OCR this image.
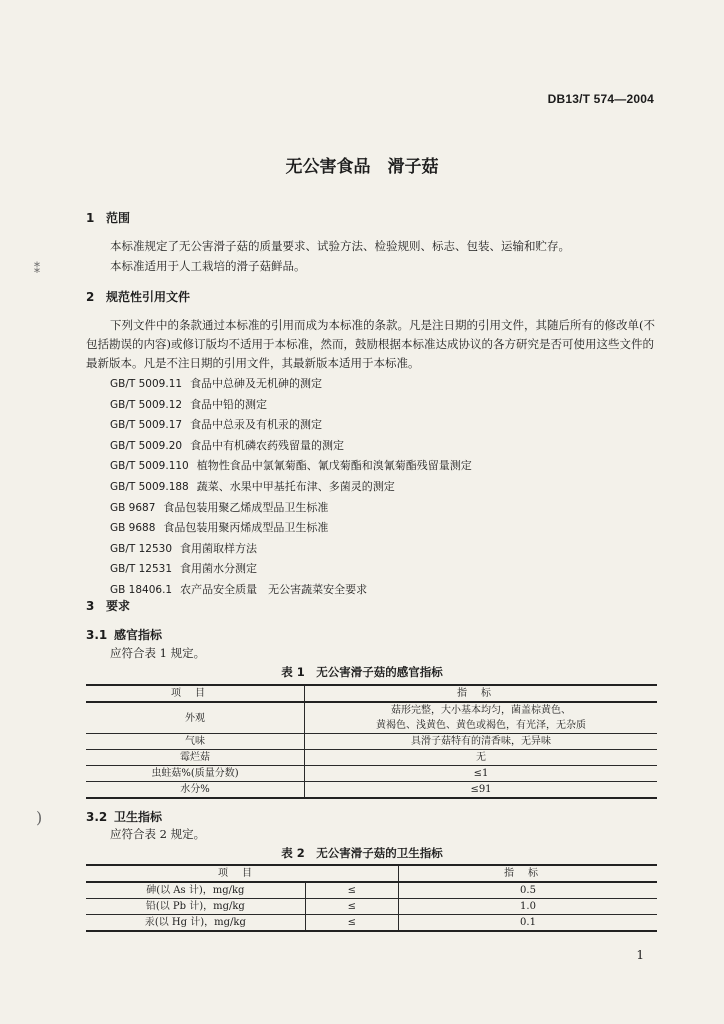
DB13/T 574—2004
无公害食品　滑子菇
1 范围
本标准规定了无公害滑子菇的质量要求、试验方法、检验规则、标志、包装、运输和贮存。
本标准适用于人工栽培的滑子菇鲜品。
2 规范性引用文件
下列文件中的条款通过本标准的引用而成为本标准的条款。凡是注日期的引用文件，其随后所有的修改单(不包括勘误的内容)或修订版均不适用于本标准，然而，鼓励根据本标准达成协议的各方研究是否可使用这些文件的最新版本。凡是不注日期的引用文件，其最新版本适用于本标准。
GB/T 5009.11 食品中总砷及无机砷的测定
GB/T 5009.12 食品中铅的测定
GB/T 5009.17 食品中总汞及有机汞的测定
GB/T 5009.20 食品中有机磷农药残留量的测定
GB/T 5009.110 植物性食品中氯氰菊酯、氰戊菊酯和溴氰菊酯残留量测定
GB/T 5009.188 蔬菜、水果中甲基托布津、多菌灵的测定
GB 9687 食品包装用聚乙烯成型品卫生标准
GB 9688 食品包装用聚丙烯成型品卫生标准
GB/T 12530 食用菌取样方法
GB/T 12531 食用菌水分测定
GB 18406.1 农产品安全质量　无公害蔬菜安全要求
3 要求
3.1 感官指标
应符合表 1 规定。
表 1　无公害滑子菇的感官指标
项目	指标
外观	菇形完整，大小基本均匀，菌盖棕黄色、
黄褐色、浅黄色、黄色或褐色，有光泽，无杂质

气味	具滑子菇特有的清香味，无异味
霉烂菇	无
虫蛀菇%(质量分数)	≤1
水分%	≤91
3.2 卫生指标
应符合表 2 规定。
表 2　无公害滑子菇的卫生指标
项目		指标
砷(以 As 计)，mg/kg	≤	0.5
铅(以 Pb 计)，mg/kg	≤	1.0
汞(以 Hg 计)，mg/kg	≤	0.1
1
⁑
)
